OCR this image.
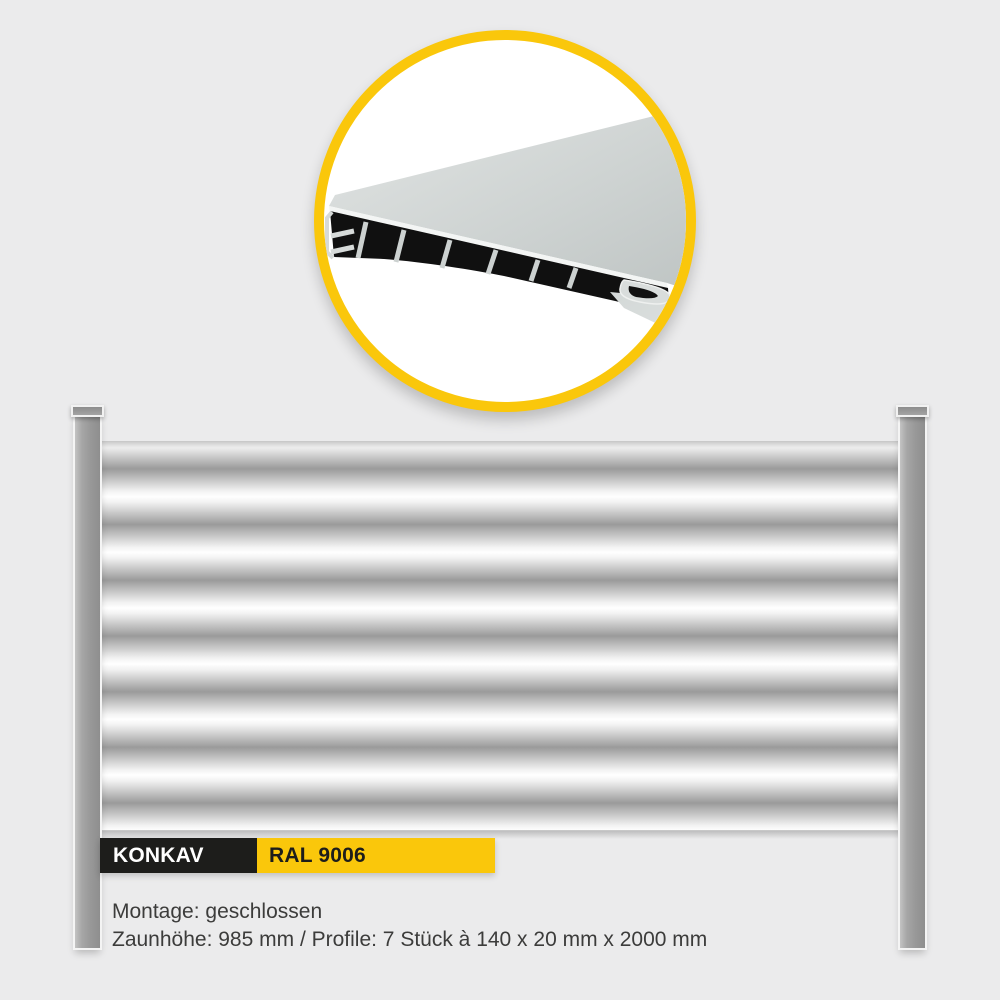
KONKAV	RAL 9006
Montage: geschlossen
Zaunhöhe: 985 mm / Profile: 7 Stück à 140 x 20 mm x 2000 mm
